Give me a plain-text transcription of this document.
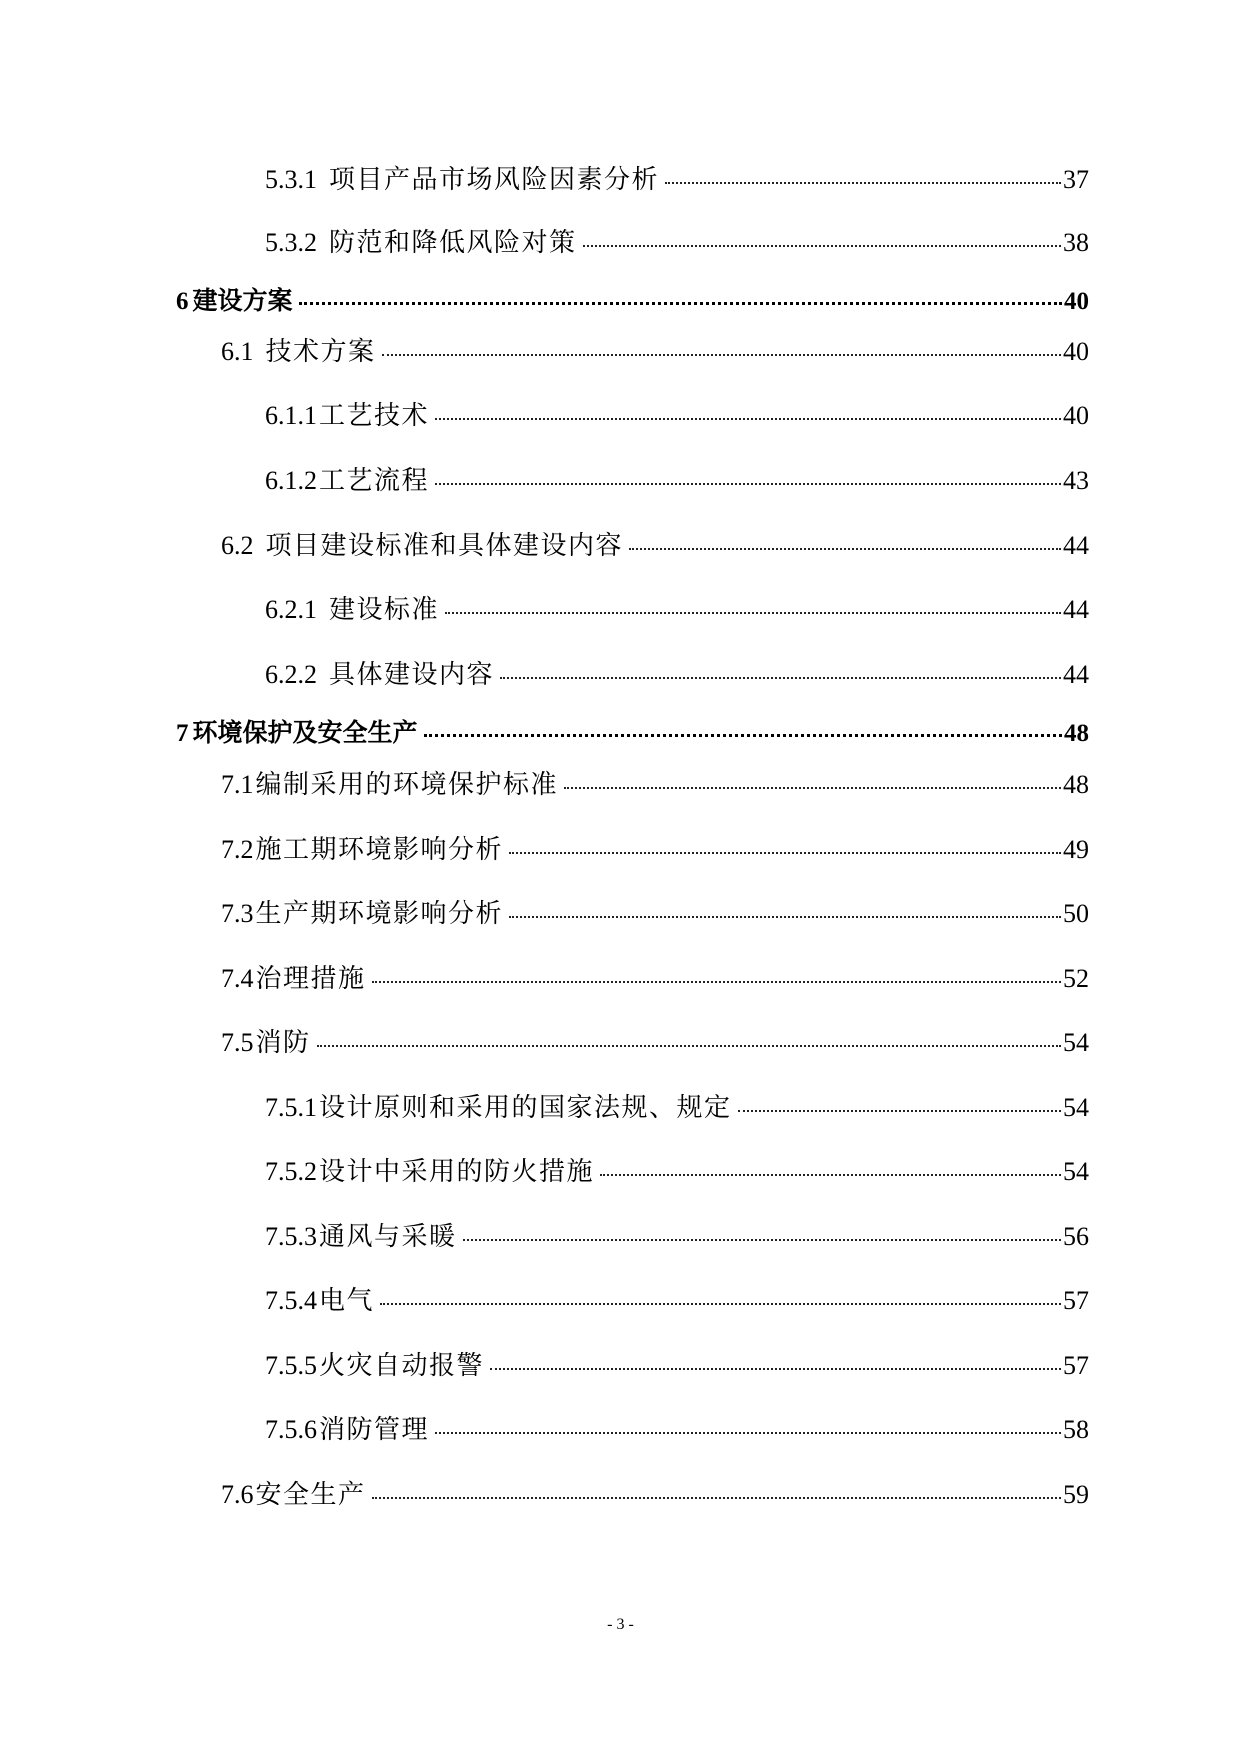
5.3.1 项目产品市场风险因素分析	37
5.3.2 防范和降低风险对策	38
6 建设方案	40
6.1 技术方案	40
6.1.1工艺技术	40
6.1.2工艺流程	43
6.2 项目建设标准和具体建设内容	44
6.2.1 建设标准	44
6.2.2 具体建设内容	44
7 环境保护及安全生产	48
7.1编制采用的环境保护标准	48
7.2施工期环境影响分析	49
7.3生产期环境影响分析	50
7.4治理措施	52
7.5消防	54
7.5.1设计原则和采用的国家法规、规定	54
7.5.2设计中采用的防火措施	54
7.5.3通风与采暖	56
7.5.4电气	57
7.5.5火灾自动报警	57
7.5.6消防管理	58
7.6安全生产	59
- 3 -
